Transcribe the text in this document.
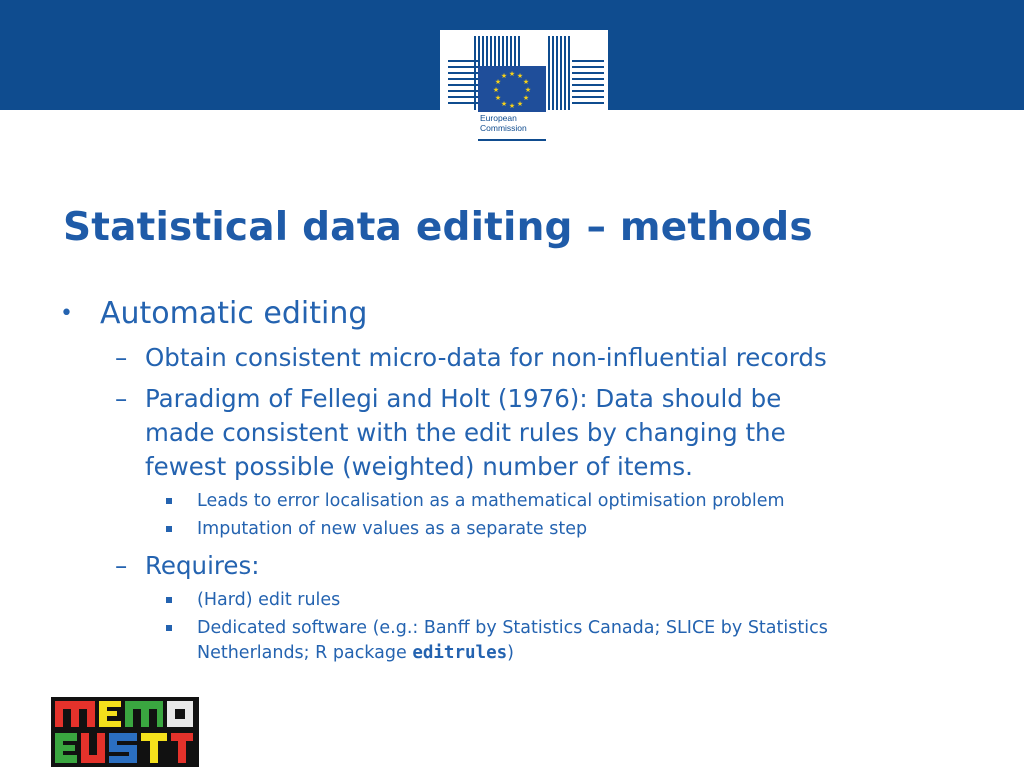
★ ★
★
★
★
★
★
★
★
★
★
★
European
Commission
Statistical data editing – methods
• Automatic editing
– Obtain consistent micro-data for non-influential records
– Paradigm of Fellegi and Holt (1976): Data should be
made consistent with the edit rules by changing the
fewest possible (weighted) number of items.
Leads to error localisation as a mathematical optimisation problem
Imputation of new values as a separate step
– Requires:
(Hard) edit rules
Dedicated software (e.g.: Banff by Statistics Canada; SLICE by Statistics
Netherlands; R package editrules)
